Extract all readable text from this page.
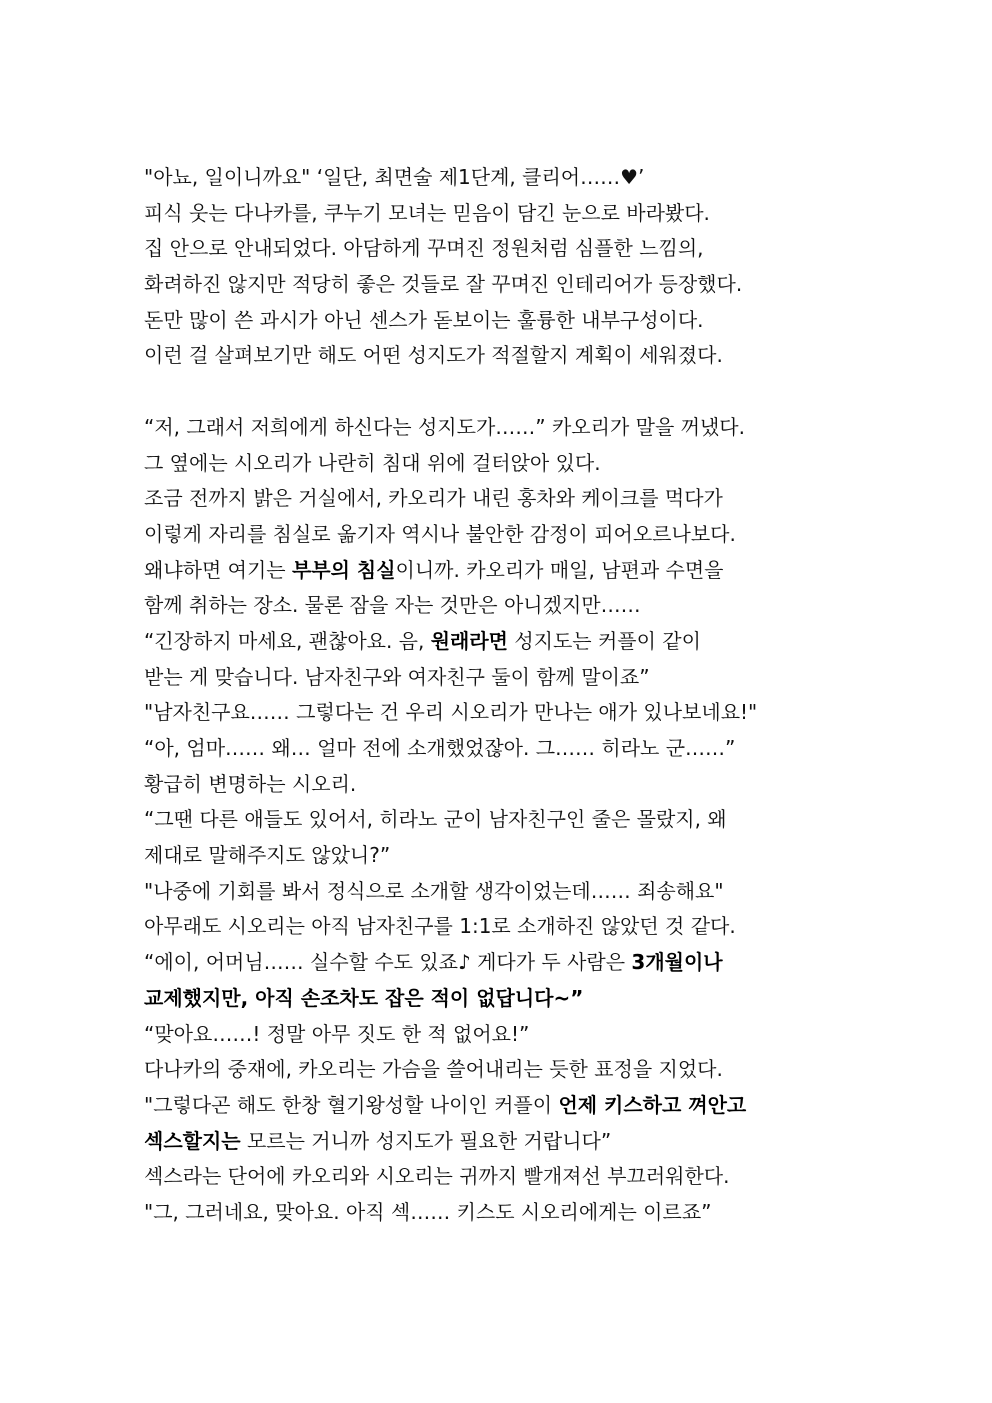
"아뇨, 일이니까요" ‘일단, 최면술 제1단계, 클리어……♥’
피식 웃는 다나카를, 쿠누기 모녀는 믿음이 담긴 눈으로 바라봤다.
집 안으로 안내되었다. 아담하게 꾸며진 정원처럼 심플한 느낌의,
화려하진 않지만 적당히 좋은 것들로 잘 꾸며진 인테리어가 등장했다.
돈만 많이 쓴 과시가 아닌 센스가 돋보이는 훌륭한 내부구성이다.
이런 걸 살펴보기만 해도 어떤 성지도가 적절할지 계획이 세워졌다.
“저, 그래서 저희에게 하신다는 성지도가……” 카오리가 말을 꺼냈다.
그 옆에는 시오리가 나란히 침대 위에 걸터앉아 있다.
조금 전까지 밝은 거실에서, 카오리가 내린 홍차와 케이크를 먹다가
이렇게 자리를 침실로 옮기자 역시나 불안한 감정이 피어오르나보다.
왜냐하면 여기는 부부의 침실이니까. 카오리가 매일, 남편과 수면을
함께 취하는 장소. 물론 잠을 자는 것만은 아니겠지만……
“긴장하지 마세요, 괜찮아요. 음, 원래라면 성지도는 커플이 같이
받는 게 맞습니다. 남자친구와 여자친구 둘이 함께 말이죠”
"남자친구요…… 그렇다는 건 우리 시오리가 만나는 애가 있나보네요!"
“아, 엄마…… 왜… 얼마 전에 소개했었잖아. 그…… 히라노 군……”
황급히 변명하는 시오리.
“그땐 다른 애들도 있어서, 히라노 군이 남자친구인 줄은 몰랐지, 왜
제대로 말해주지도 않았니?”
"나중에 기회를 봐서 정식으로 소개할 생각이었는데…… 죄송해요"
아무래도 시오리는 아직 남자친구를 1:1로 소개하진 않았던 것 같다.
“에이, 어머님…… 실수할 수도 있죠♪ 게다가 두 사람은 3개월이나
교제했지만, 아직 손조차도 잡은 적이 없답니다~”
“맞아요……! 정말 아무 짓도 한 적 없어요!”
다나카의 중재에, 카오리는 가슴을 쓸어내리는 듯한 표정을 지었다.
"그렇다곤 해도 한창 혈기왕성할 나이인 커플이 언제 키스하고 껴안고
섹스할지는 모르는 거니까 성지도가 필요한 거랍니다”
섹스라는 단어에 카오리와 시오리는 귀까지 빨개져선 부끄러워한다.
"그, 그러네요, 맞아요. 아직 섹…… 키스도 시오리에게는 이르죠”
